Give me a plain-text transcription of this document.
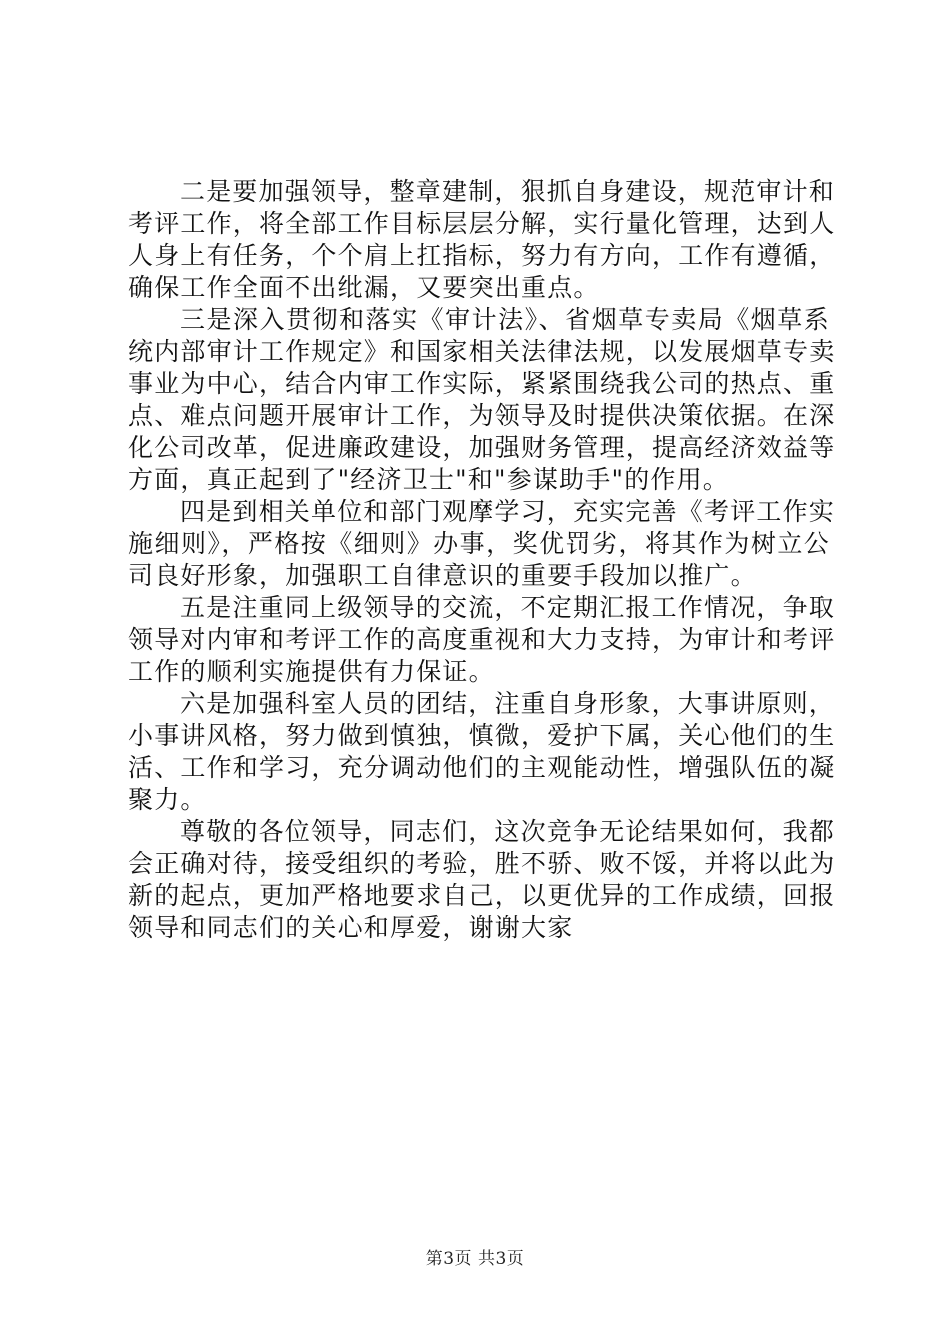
二是要加强领导，整章建制，狠抓自身建设，规范审计和
考评工作，将全部工作目标层层分解，实行量化管理，达到人
人身上有任务，个个肩上扛指标，努力有方向，工作有遵循，
确保工作全面不出纰漏，又要突出重点。

三是深入贯彻和落实《审计法》、省烟草专卖局《烟草系
统内部审计工作规定》和国家相关法律法规，以发展烟草专卖
事业为中心，结合内审工作实际，紧紧围绕我公司的热点、重
点、难点问题开展审计工作，为领导及时提供决策依据。在深
化公司改革，促进廉政建设，加强财务管理，提高经济效益等
方面，真正起到了"经济卫士"和"参谋助手"的作用。

四是到相关单位和部门观摩学习，充实完善《考评工作实
施细则》，严格按《细则》办事，奖优罚劣，将其作为树立公
司良好形象，加强职工自律意识的重要手段加以推广。

五是注重同上级领导的交流，不定期汇报工作情况，争取
领导对内审和考评工作的高度重视和大力支持，为审计和考评
工作的顺利实施提供有力保证。

六是加强科室人员的团结，注重自身形象，大事讲原则，
小事讲风格，努力做到慎独，慎微，爱护下属，关心他们的生
活、工作和学习，充分调动他们的主观能动性，增强队伍的凝
聚力。

尊敬的各位领导，同志们，这次竞争无论结果如何，我都
会正确对待，接受组织的考验，胜不骄、败不馁，并将以此为
新的起点，更加严格地要求自己，以更优异的工作成绩，回报
领导和同志们的关心和厚爱，谢谢大家

第3页 共3页
